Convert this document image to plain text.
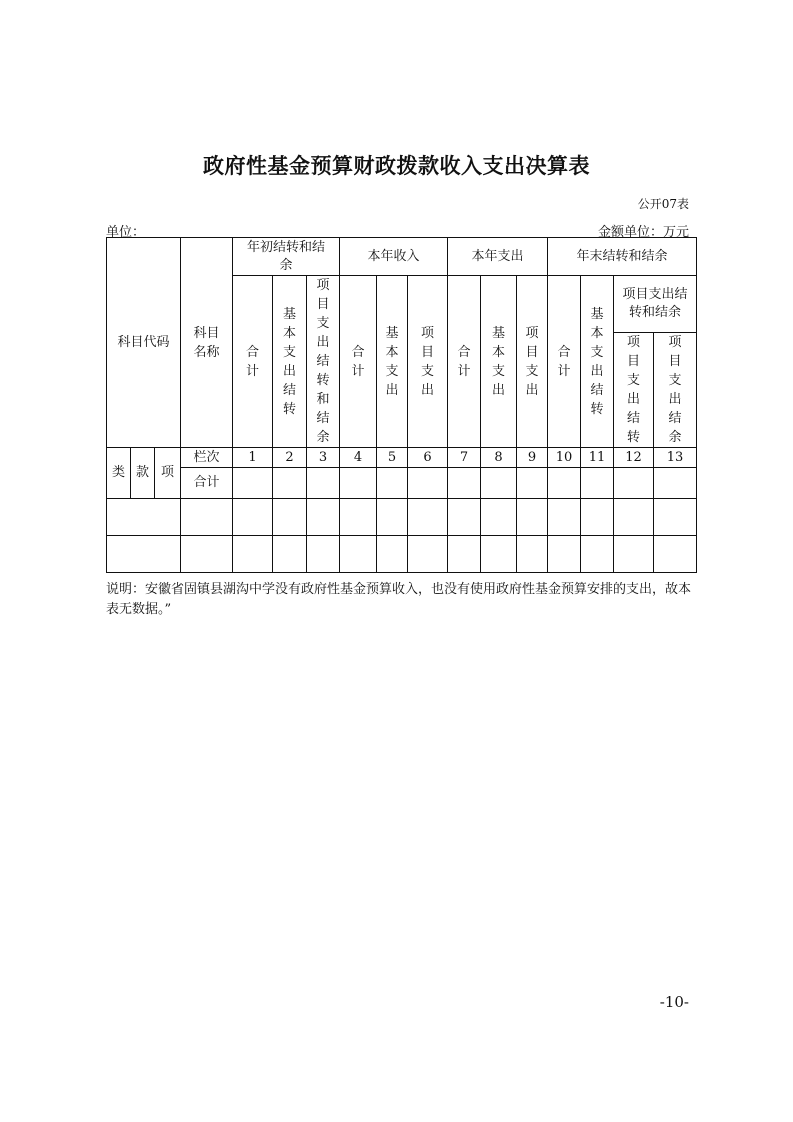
政府性基金预算财政拨款收入支出决算表
公开07表
单位：	金额单位：万元
科目代码			科目名称	年初结转和结余			本年收入			本年支出			年末结转和结余			
				合计	基本支出结转	项目支出结转和结余	合计	基本支出	项目支出	合计	基本支出	项目支出	合计	基本支出结转	项目支出结转和结余	
															项目支出结转	项目支出结余

类	款	项	栏次	1	2	3	4	5	6	7	8	9	10	11	12	13
			合计													

说明：安徽省固镇县湖沟中学没有政府性基金预算收入，也没有使用政府性基金预算安排的支出，故本表无数据。”

-10-
